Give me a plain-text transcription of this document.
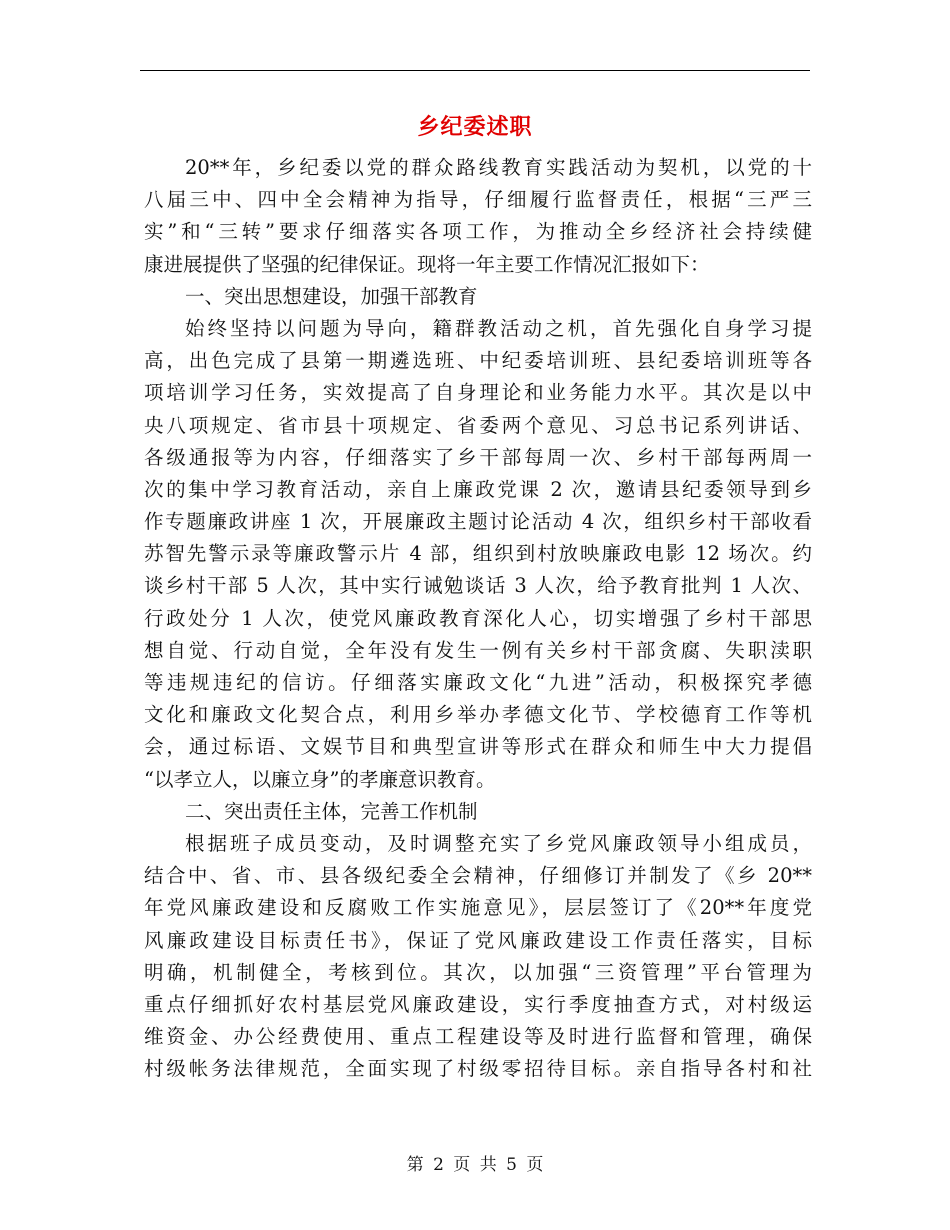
乡纪委述职
20**年，乡纪委以党的群众路线教育实践活动为契机，以党的十
八届三中、四中全会精神为指导，仔细履行监督责任，根据“三严三
实”和“三转”要求仔细落实各项工作，为推动全乡经济社会持续健
康进展提供了坚强的纪律保证。现将一年主要工作情况汇报如下：
一、突出思想建设，加强干部教育
始终坚持以问题为导向，籍群教活动之机，首先强化自身学习提
高，出色完成了县第一期遴选班、中纪委培训班、县纪委培训班等各
项培训学习任务，实效提高了自身理论和业务能力水平。其次是以中
央八项规定、省市县十项规定、省委两个意见、习总书记系列讲话、
各级通报等为内容，仔细落实了乡干部每周一次、乡村干部每两周一
次的集中学习教育活动，亲自上廉政党课 2 次，邀请县纪委领导到乡
作专题廉政讲座 1 次，开展廉政主题讨论活动 4 次，组织乡村干部收看
苏智先警示录等廉政警示片 4 部，组织到村放映廉政电影 12 场次。约
谈乡村干部 5 人次，其中实行诫勉谈话 3 人次，给予教育批判 1 人次、
行政处分 1 人次，使党风廉政教育深化人心，切实增强了乡村干部思
想自觉、行动自觉，全年没有发生一例有关乡村干部贪腐、失职渎职
等违规违纪的信访。仔细落实廉政文化“九进”活动，积极探究孝德
文化和廉政文化契合点，利用乡举办孝德文化节、学校德育工作等机
会，通过标语、文娱节目和典型宣讲等形式在群众和师生中大力提倡
“以孝立人，以廉立身”的孝廉意识教育。
二、突出责任主体，完善工作机制
根据班子成员变动，及时调整充实了乡党风廉政领导小组成员，
结合中、省、市、县各级纪委全会精神，仔细修订并制发了《乡 20**
年党风廉政建设和反腐败工作实施意见》，层层签订了《20**年度党
风廉政建设目标责任书》，保证了党风廉政建设工作责任落实，目标
明确，机制健全，考核到位。其次，以加强“三资管理”平台管理为
重点仔细抓好农村基层党风廉政建设，实行季度抽查方式，对村级运
维资金、办公经费使用、重点工程建设等及时进行监督和管理，确保
村级帐务法律规范，全面实现了村级零招待目标。亲自指导各村和社
第 2 页 共 5 页
